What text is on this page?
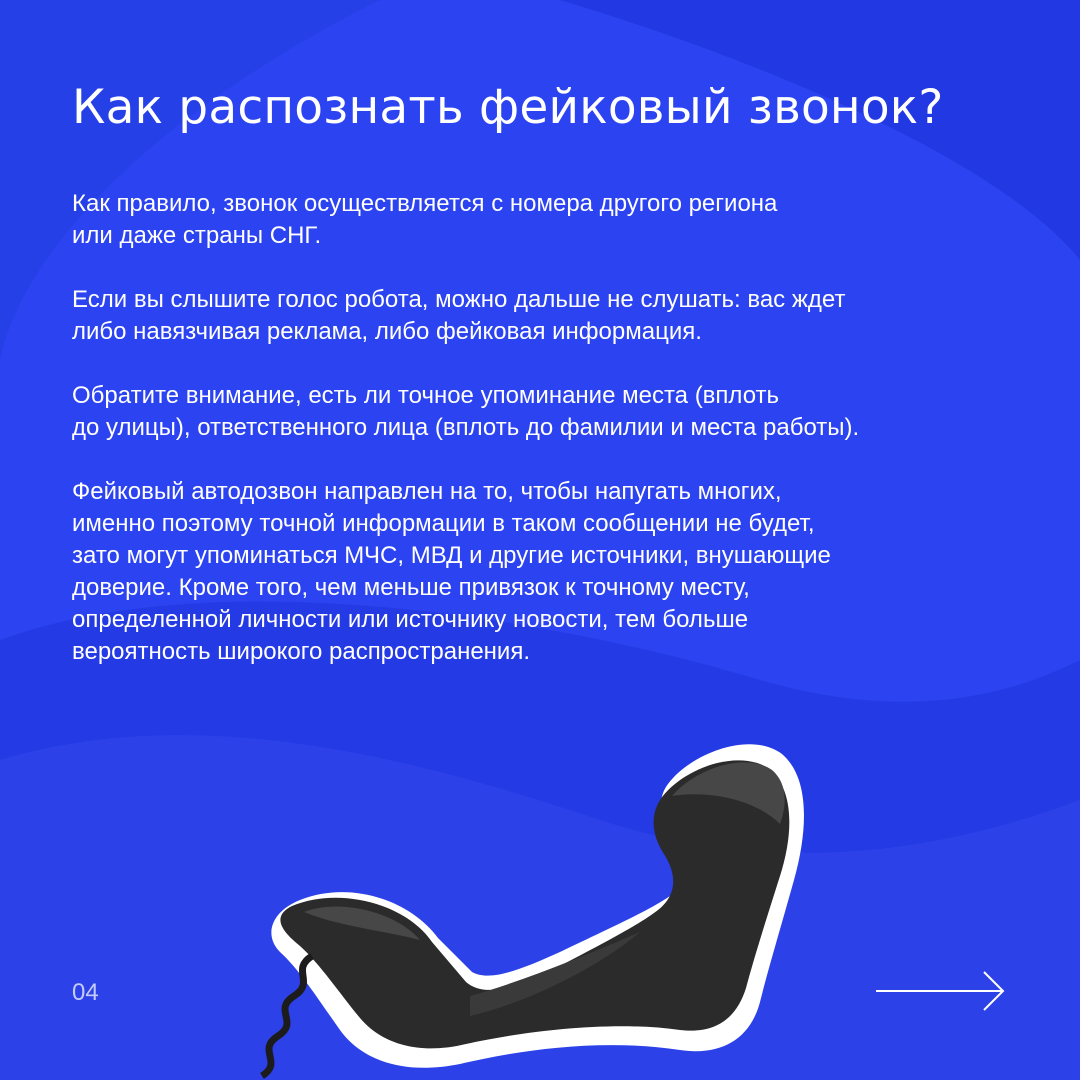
Как распознать фейковый звонок?

Как правило, звонок осуществляется с номера другого региона
или даже страны СНГ.

Если вы слышите голос робота, можно дальше не слушать: вас ждет
либо навязчивая реклама, либо фейковая информация.

Обратите внимание, есть ли точное упоминание места (вплоть
до улицы), ответственного лица (вплоть до фамилии и места работы).

Фейковый автодозвон направлен на то, чтобы напугать многих,
именно поэтому точной информации в таком сообщении не будет,
зато могут упоминаться МЧС, МВД и другие источники, внушающие
доверие. Кроме того, чем меньше привязок к точному месту,
определенной личности или источнику новости, тем больше
вероятность широкого распространения.

04
